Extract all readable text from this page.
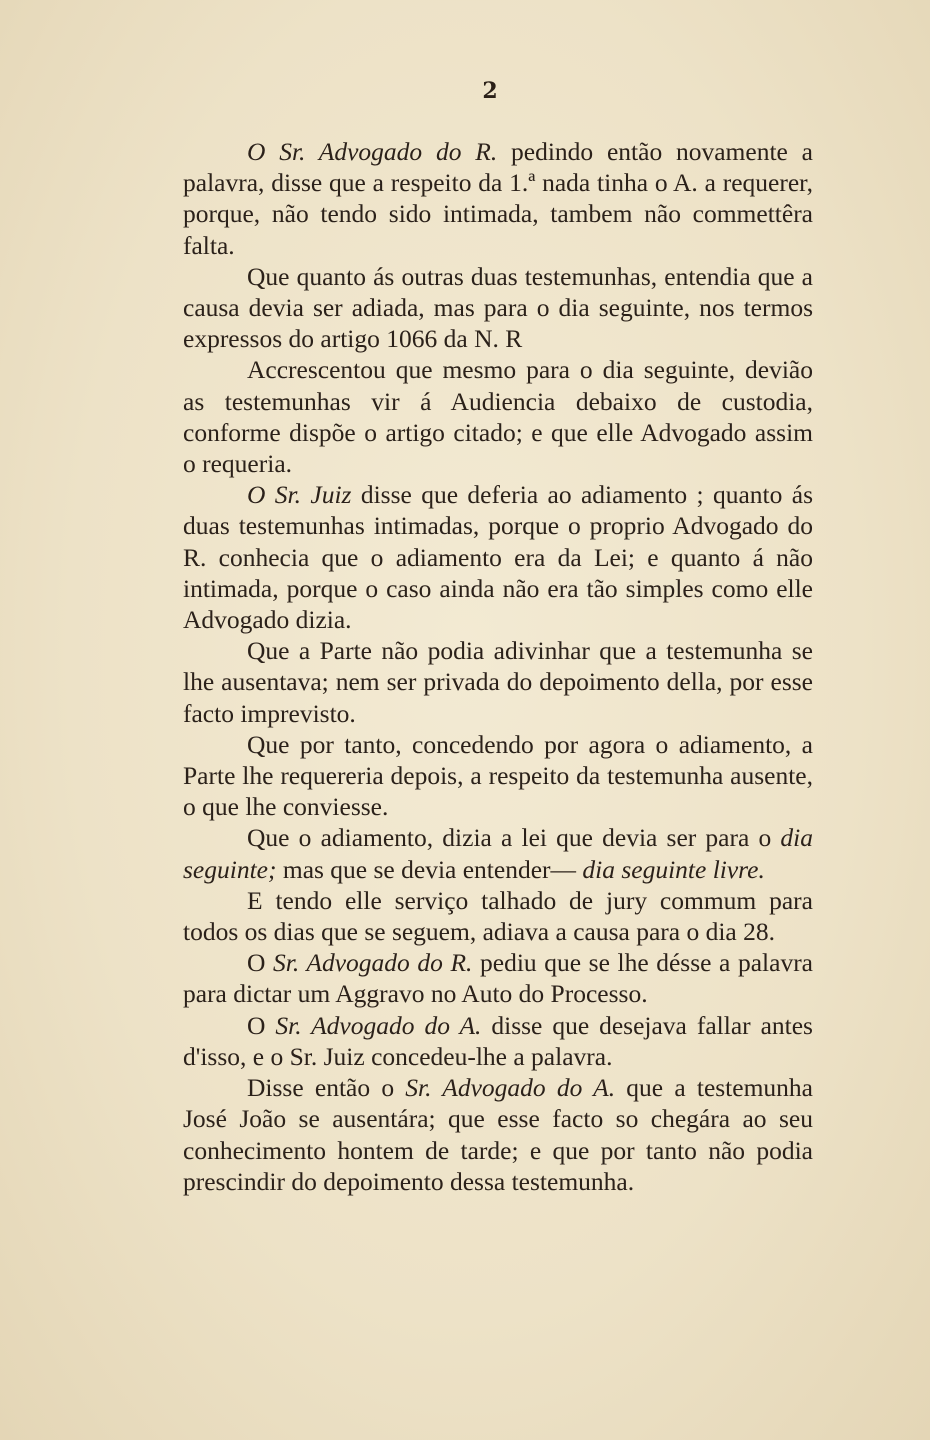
2

O Sr. Advogado do R. pedindo então novamente a palavra, disse que a respeito da 1.ª nada tinha o A. a requerer, porque, não tendo sido intimada, tambem não commettêra falta.

Que quanto ás outras duas testemunhas, entendia que a causa devia ser adiada, mas para o dia seguinte, nos termos expressos do artigo 1066 da N. R

Accrescentou que mesmo para o dia seguinte, devião as testemunhas vir á Audiencia debaixo de custodia, conforme dispõe o artigo citado; e que elle Advogado assim o requeria.

O Sr. Juiz disse que deferia ao adiamento ; quanto ás duas testemunhas intimadas, porque o proprio Advogado do R. conhecia que o adiamento era da Lei; e quanto á não intimada, porque o caso ainda não era tão simples como elle Advogado dizia.

Que a Parte não podia adivinhar que a testemunha se lhe ausentava; nem ser privada do depoimento della, por esse facto imprevisto.

Que por tanto, concedendo por agora o adiamento, a Parte lhe requereria depois, a respeito da testemunha ausente, o que lhe conviesse.

Que o adiamento, dizia a lei que devia ser para o dia seguinte; mas que se devia entender— dia seguinte livre.

E tendo elle serviço talhado de jury commum para todos os dias que se seguem, adiava a causa para o dia 28.

O Sr. Advogado do R. pediu que se lhe désse a palavra para dictar um Aggravo no Auto do Processo.

O Sr. Advogado do A. disse que desejava fallar antes d'isso, e o Sr. Juiz concedeu-lhe a palavra.

Disse então o Sr. Advogado do A. que a testemunha José João se ausentára; que esse facto so chegára ao seu conhecimento hontem de tarde; e que por tanto não podia prescindir do depoimento dessa testemunha.
